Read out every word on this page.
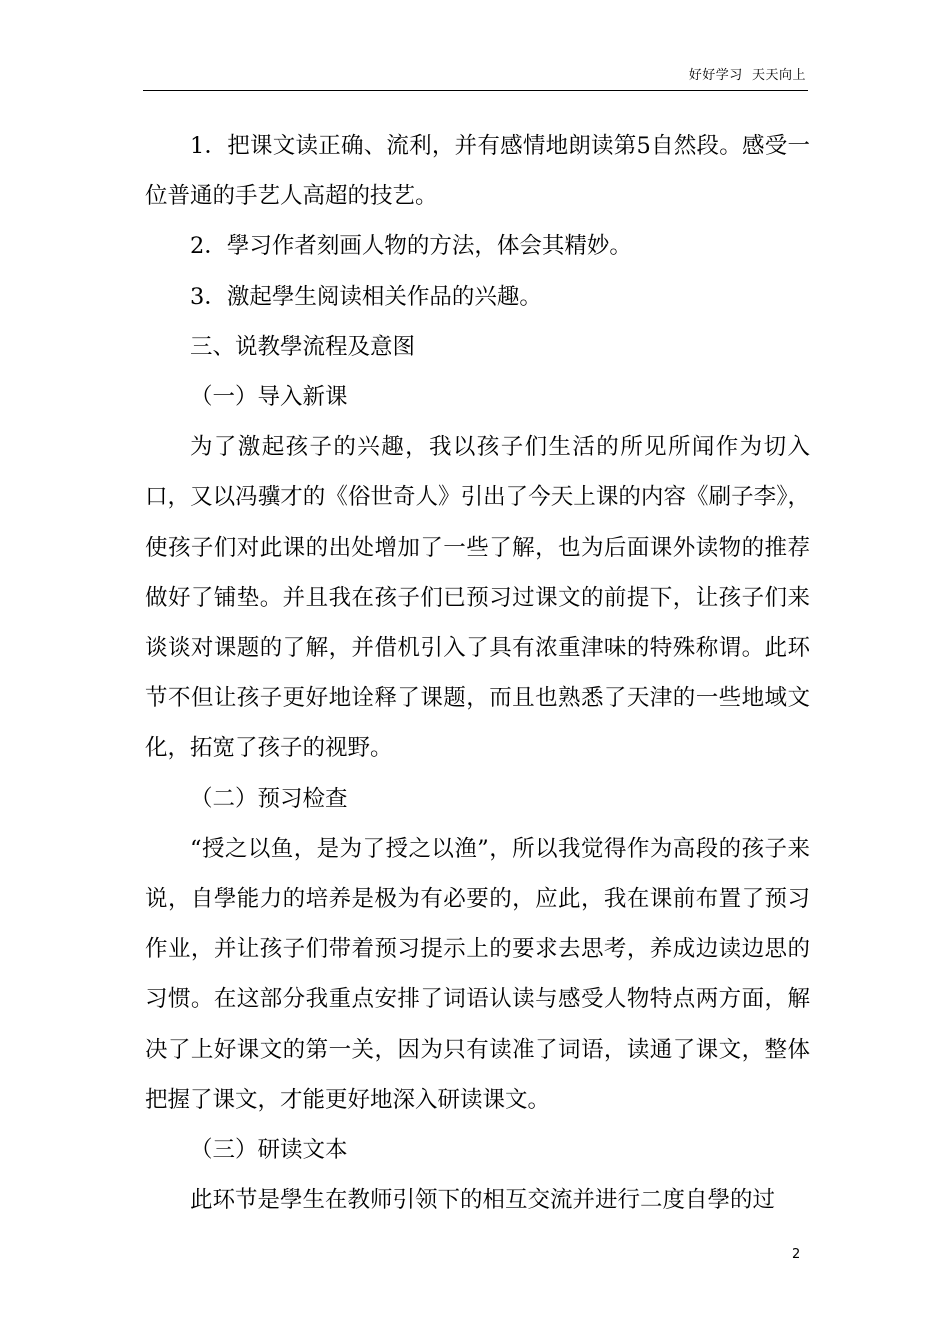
好好学习  天天向上

1．把课文读正确、流利，并有感情地朗读第5自然段。感受一位普通的手艺人高超的技艺。

2．學习作者刻画人物的方法，体会其精妙。

3．激起學生阅读相关作品的兴趣。

三、说教學流程及意图

（一）导入新课

为了激起孩子的兴趣，我以孩子们生活的所见所闻作为切入口，又以冯骥才的《俗世奇人》引出了今天上课的内容《刷子李》，使孩子们对此课的出处增加了一些了解，也为后面课外读物的推荐做好了铺垫。并且我在孩子们已预习过课文的前提下，让孩子们来谈谈对课题的了解，并借机引入了具有浓重津味的特殊称谓。此环节不但让孩子更好地诠释了课题，而且也熟悉了天津的一些地域文化，拓宽了孩子的视野。

（二）预习检查

“授之以鱼，是为了授之以渔”，所以我觉得作为高段的孩子来说，自學能力的培养是极为有必要的，应此，我在课前布置了预习作业，并让孩子们带着预习提示上的要求去思考，养成边读边思的习惯。在这部分我重点安排了词语认读与感受人物特点两方面，解决了上好课文的第一关，因为只有读准了词语，读通了课文，整体把握了课文，才能更好地深入研读课文。

（三）研读文本

此环节是學生在教师引领下的相互交流并进行二度自學的过

2
